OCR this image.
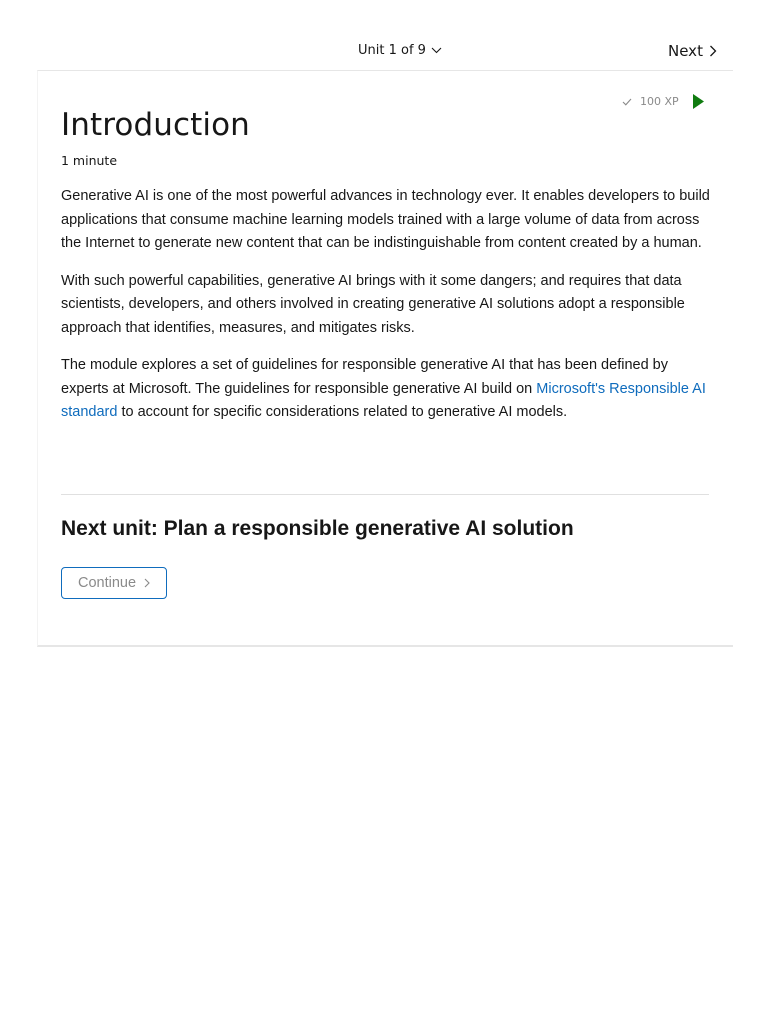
Unit 1 of 9	Next
100 XP
Introduction
1 minute

Generative AI is one of the most powerful advances in technology ever. It enables developers to build applications that consume machine learning models trained with a large volume of data from across the Internet to generate new content that can be indistinguishable from content created by a human.

With such powerful capabilities, generative AI brings with it some dangers; and requires that data scientists, developers, and others involved in creating generative AI solutions adopt a responsible approach that identifies, measures, and mitigates risks.

The module explores a set of guidelines for responsible generative AI that has been defined by experts at Microsoft. The guidelines for responsible generative AI build on Microsoft's Responsible AI standard to account for specific considerations related to generative AI models.

Next unit: Plan a responsible generative AI solution
Continue
